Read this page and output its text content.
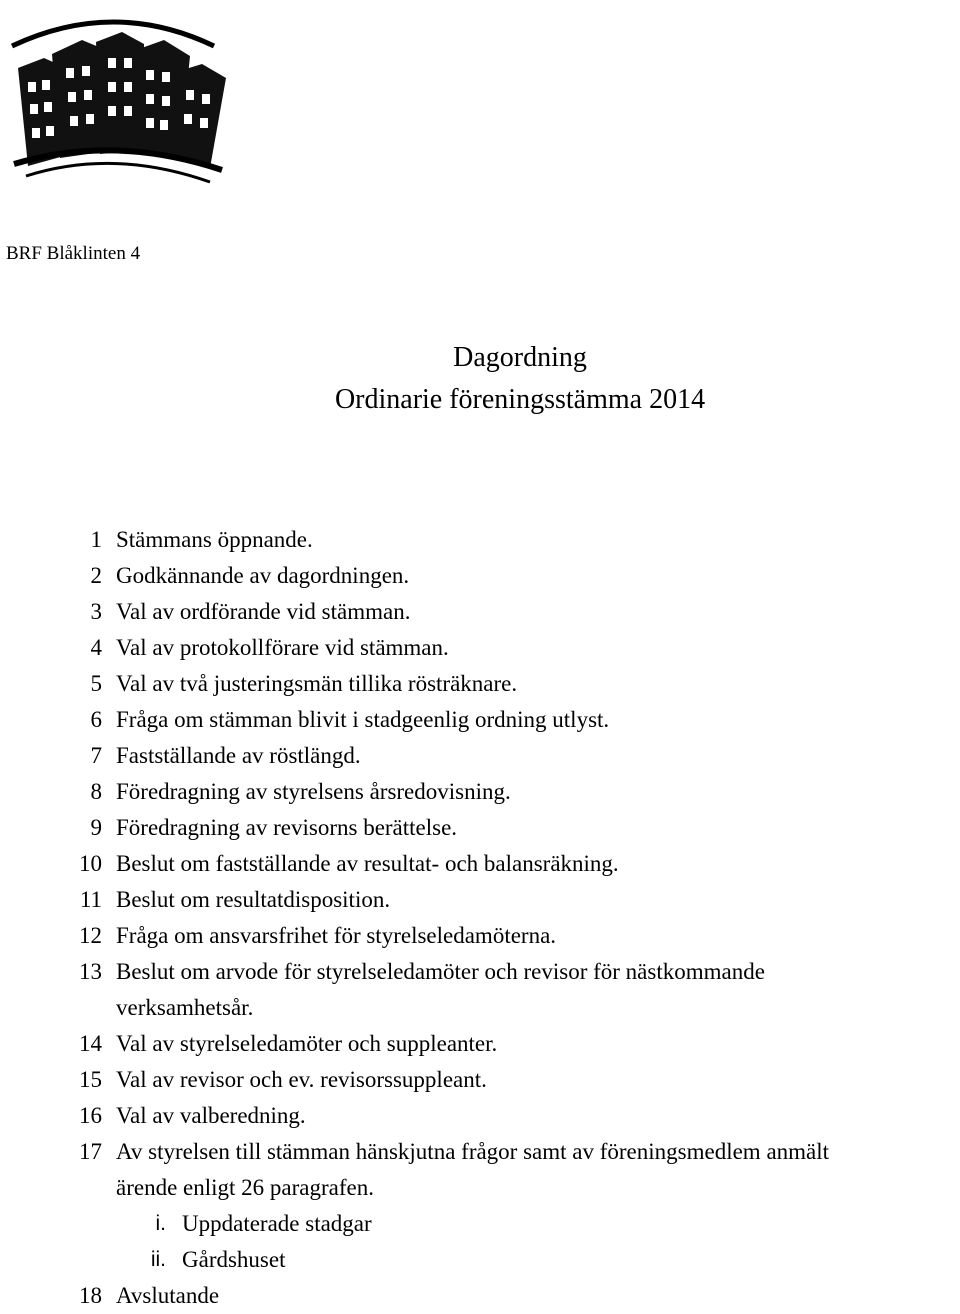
BRF Blåklinten 4
Dagordning
Ordinarie föreningsstämma 2014
1 Stämmans öppnande.
2 Godkännande av dagordningen.
3 Val av ordförande vid stämman.
4 Val av protokollförare vid stämman.
5 Val av två justeringsmän tillika rösträknare.
6 Fråga om stämman blivit i stadgeenlig ordning utlyst.
7 Fastställande av röstlängd.
8 Föredragning av styrelsens årsredovisning.
9 Föredragning av revisorns berättelse.
10 Beslut om fastställande av resultat- och balansräkning.
11 Beslut om resultatdisposition.
12 Fråga om ansvarsfrihet för styrelseledamöterna.
13 Beslut om arvode för styrelseledamöter och revisor för nästkommande
verksamhetsår.
14 Val av styrelseledamöter och suppleanter.
15 Val av revisor och ev. revisorssuppleant.
16 Val av valberedning.
17 Av styrelsen till stämman hänskjutna frågor samt av föreningsmedlem anmält
ärende enligt 26 paragrafen.
i. Uppdaterade stadgar
ii. Gårdshuset
18 Avslutande
